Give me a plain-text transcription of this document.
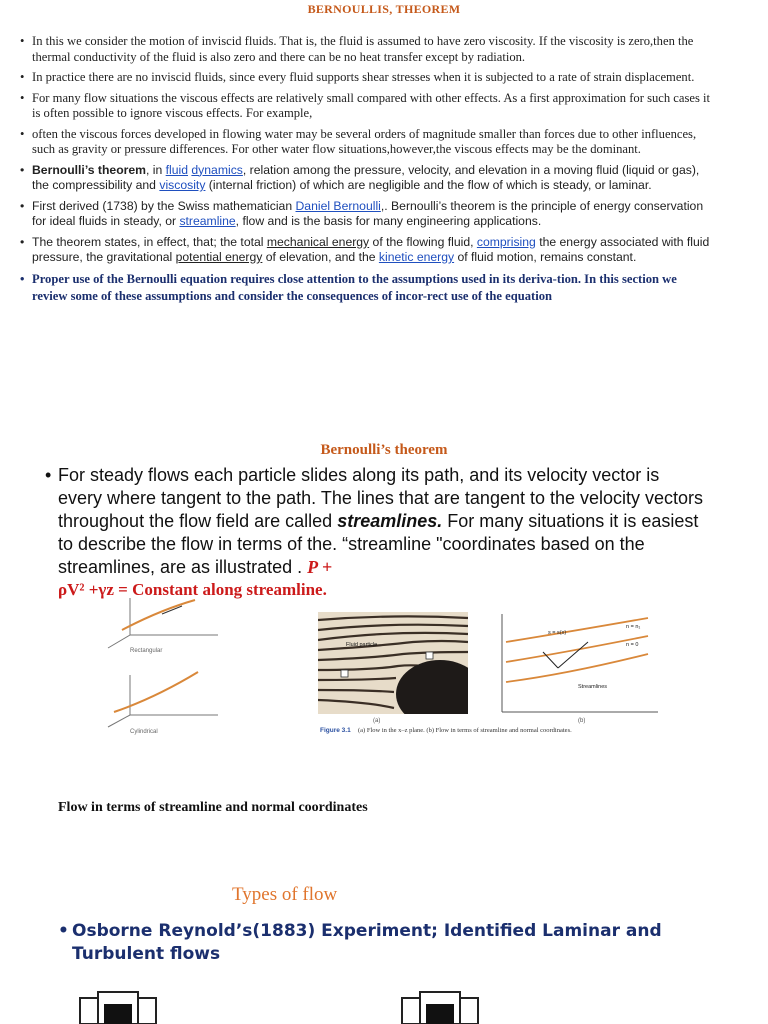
BERNOULLIS, THEOREM
• In this we consider the motion of inviscid fluids. That is, the fluid is assumed to have zero viscosity. If the viscosity is zero,then the thermal conductivity of the fluid is also zero and there can be no heat transfer except by radiation.
• In practice there are no inviscid fluids, since every fluid supports shear stresses when it is subjected to a rate of strain displacement.
• For many flow situations the viscous effects are relatively small compared with other effects. As a first approximation for such cases it is often possible to ignore viscous effects. For example,
• often the viscous forces developed in flowing water may be several orders of magnitude smaller than forces due to other influences, such as gravity or pressure differences. For other water flow situations,however,the viscous effects may be the dominant.
• Bernoulli’s theorem, in fluid dynamics, relation among the pressure, velocity, and elevation in a moving fluid (liquid or gas), the compressibility and viscosity (internal friction) of which are negligible and the flow of which is steady, or laminar.
• First derived (1738) by the Swiss mathematician Daniel Bernoulli,. Bernoulli’s theorem is the principle of energy conservation for ideal fluids in steady, or streamline, flow and is the basis for many engineering applications.
• The theorem states, in effect, that; the total mechanical energy of the flowing fluid, comprising the energy associated with fluid pressure, the gravitational potential energy of elevation, and the kinetic energy of fluid motion, remains constant.
• Proper use of the Bernoulli equation requires close attention to the assumptions used in its deriva-tion. In this section we review some of these assumptions and consider the consequences of incor-rect use of the equation
Bernoulli’s theorem
• For steady flows each particle slides along its path, and its velocity vector is every where tangent to the path. The lines that are tangent to the velocity vectors throughout the flow field are called streamlines. For many situations it is easiest to describe the flow in terms of the. “streamline "coordinates based on the streamlines, are as illustrated . P +
ρV² +γz = Constant along streamline.
Rectangular
Cylindrical
Fluid particle
(a)
s = s(x)
n = n₁
n = 0
Streamlines
(b)
Figure 3.1 (a) Flow in the x–z plane. (b) Flow in terms of streamline and normal coordinates.
Flow in terms of streamline and normal coordinates
Types of flow
• Osborne Reynold’s(1883) Experiment; Identified Laminar and Turbulent flows
